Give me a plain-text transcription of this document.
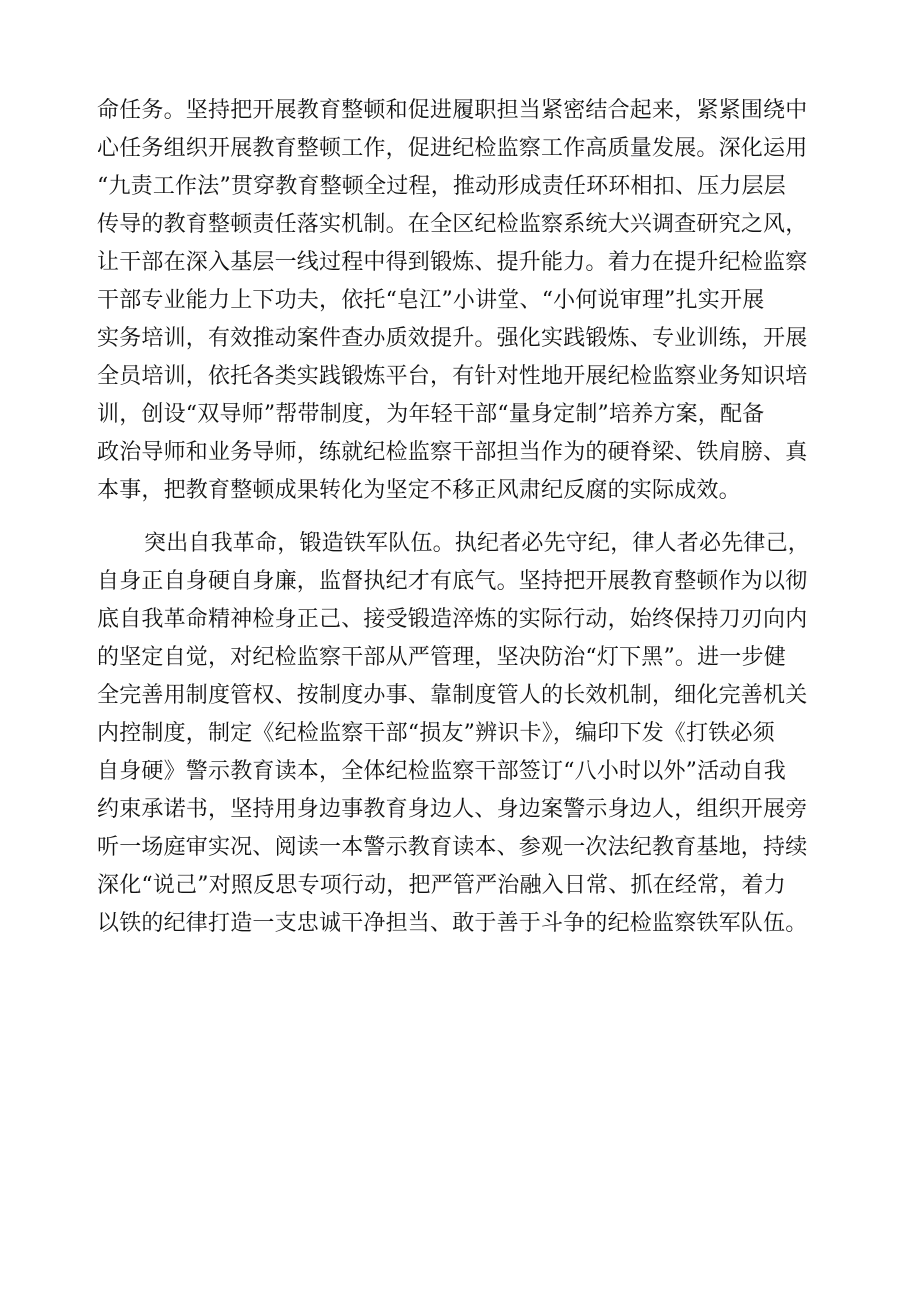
命任务。坚持把开展教育整顿和促进履职担当紧密结合起来，紧紧围绕中
心任务组织开展教育整顿工作，促进纪检监察工作高质量发展。深化运用
“九责工作法”贯穿教育整顿全过程，推动形成责任环环相扣、压力层层
传导的教育整顿责任落实机制。在全区纪检监察系统大兴调查研究之风，
让干部在深入基层一线过程中得到锻炼、提升能力。着力在提升纪检监察
干部专业能力上下功夫，依托“皂江”小讲堂、“小何说审理”扎实开展
实务培训，有效推动案件查办质效提升。强化实践锻炼、专业训练，开展
全员培训，依托各类实践锻炼平台，有针对性地开展纪检监察业务知识培
训，创设“双导师”帮带制度，为年轻干部“量身定制”培养方案，配备
政治导师和业务导师，练就纪检监察干部担当作为的硬脊梁、铁肩膀、真
本事，把教育整顿成果转化为坚定不移正风肃纪反腐的实际成效。
突出自我革命，锻造铁军队伍。执纪者必先守纪，律人者必先律己，
自身正自身硬自身廉，监督执纪才有底气。坚持把开展教育整顿作为以彻
底自我革命精神检身正己、接受锻造淬炼的实际行动，始终保持刀刃向内
的坚定自觉，对纪检监察干部从严管理，坚决防治“灯下黑”。进一步健
全完善用制度管权、按制度办事、靠制度管人的长效机制，细化完善机关
内控制度，制定《纪检监察干部“损友”辨识卡》，编印下发《打铁必须
自身硬》警示教育读本，全体纪检监察干部签订“八小时以外”活动自我
约束承诺书，坚持用身边事教育身边人、身边案警示身边人，组织开展旁
听一场庭审实况、阅读一本警示教育读本、参观一次法纪教育基地，持续
深化“说己”对照反思专项行动，把严管严治融入日常、抓在经常，着力
以铁的纪律打造一支忠诚干净担当、敢于善于斗争的纪检监察铁军队伍。
